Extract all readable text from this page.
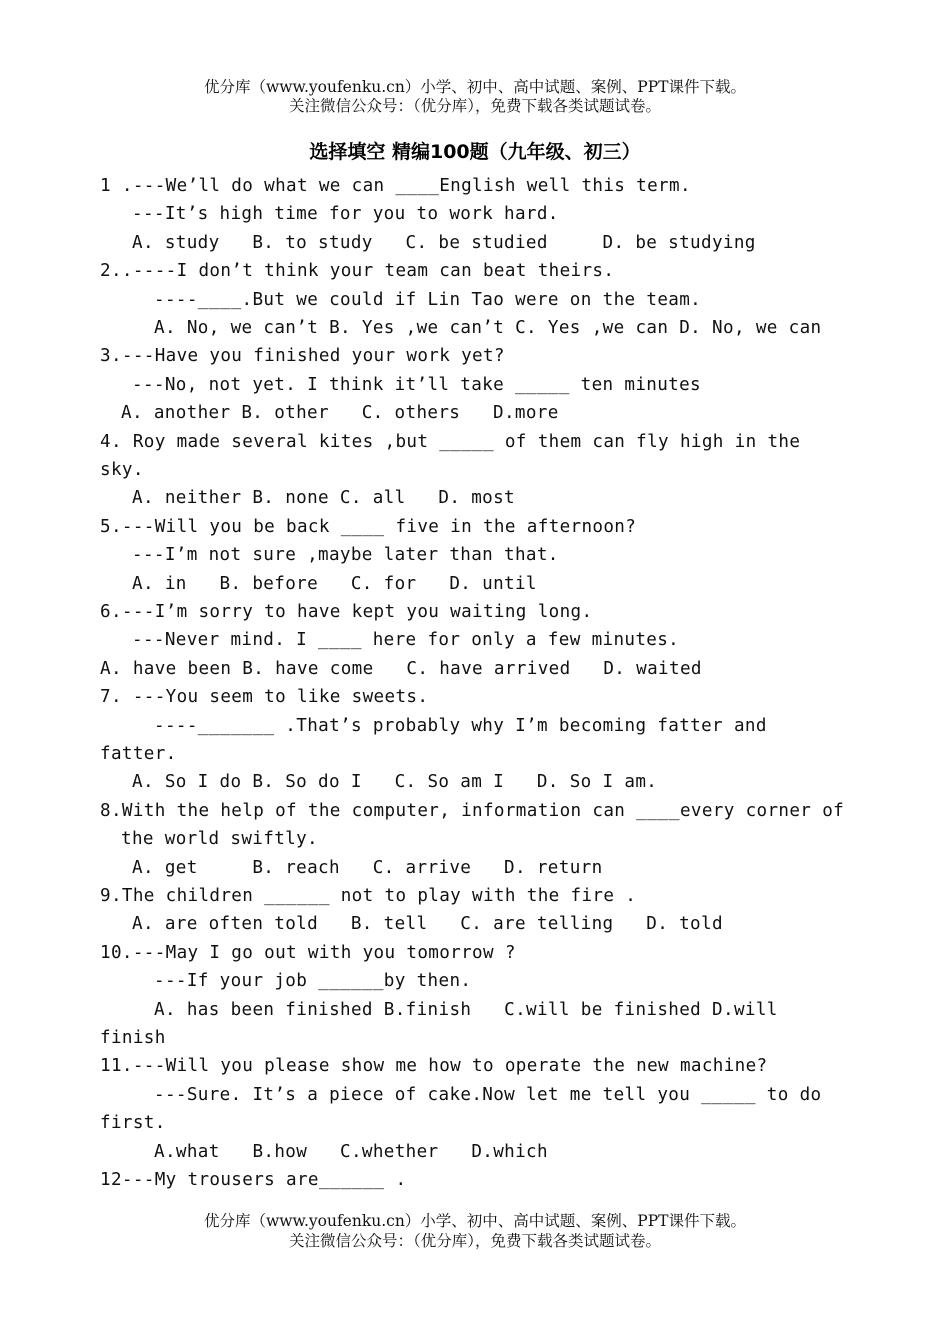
优分库（www.youfenku.cn）小学、初中、高中试题、案例、PPT课件下载。
关注微信公众号：（优分库），免费下载各类试题试卷。
选择填空 精编100题（九年级、初三）
1 .---We’ll do what we can ____English well this term.
---It’s high time for you to work hard.
A. study   B. to study   C. be studied     D. be studying
2..----I don’t think your team can beat theirs.
----____.But we could if Lin Tao were on the team.
A. No, we can’t B. Yes ,we can’t C. Yes ,we can D. No, we can
3.---Have you finished your work yet?
---No, not yet. I think it’ll take _____ ten minutes
A. another B. other   C. others   D.more
4. Roy made several kites ,but _____ of them can fly high in the
sky.
A. neither B. none C. all   D. most
5.---Will you be back ____ five in the afternoon?
---I’m not sure ,maybe later than that.
A. in   B. before   C. for   D. until
6.---I’m sorry to have kept you waiting long.
---Never mind. I ____ here for only a few minutes.
A. have been B. have come   C. have arrived   D. waited
7. ---You seem to like sweets.
----_______ .That’s probably why I’m becoming fatter and
fatter.
A. So I do B. So do I   C. So am I   D. So I am.
8.With the help of the computer, information can ____every corner of
the world swiftly.
A. get     B. reach   C. arrive   D. return
9.The children ______ not to play with the fire .
A. are often told   B. tell   C. are telling   D. told
10.---May I go out with you tomorrow ?
---If your job ______by then.
A. has been finished B.finish   C.will be finished D.will
finish
11.---Will you please show me how to operate the new machine?
---Sure. It’s a piece of cake.Now let me tell you _____ to do
first.
A.what   B.how   C.whether   D.which
12---My trousers are______ .
优分库（www.youfenku.cn）小学、初中、高中试题、案例、PPT课件下载。
关注微信公众号：（优分库），免费下载各类试题试卷。
